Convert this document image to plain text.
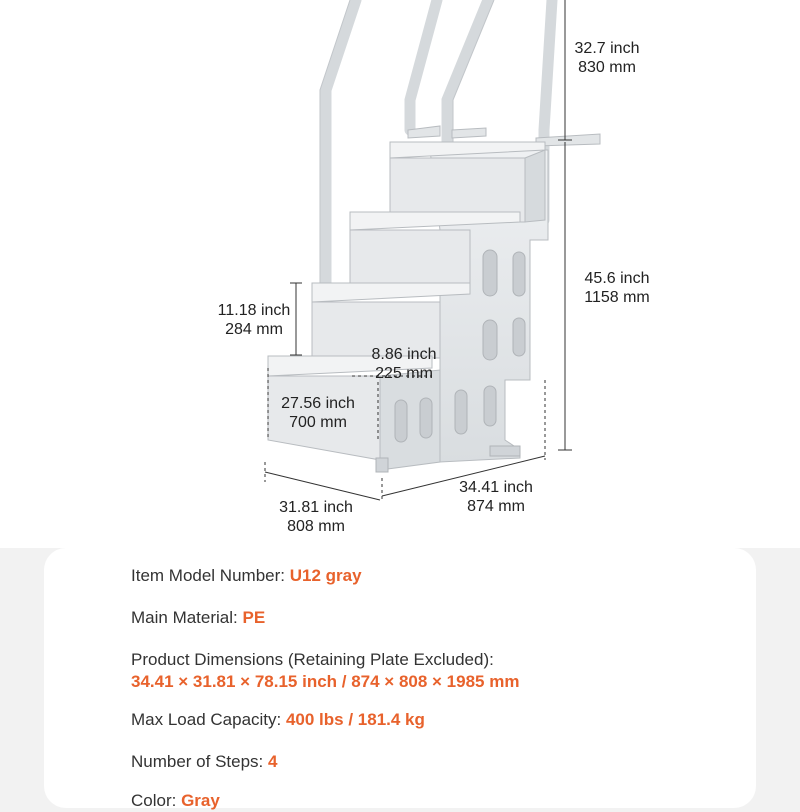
32.7 inch
830 mm
45.6 inch
1158 mm
11.18 inch
284 mm
8.86 inch
225 mm
27.56 inch
700 mm
31.81 inch
808 mm
34.41 inch
874 mm
Item Model Number: U12 gray
Main Material: PE
Product Dimensions (Retaining Plate Excluded):
34.41 × 31.81 × 78.15 inch / 874 × 808 × 1985 mm
Max Load Capacity: 400 lbs / 181.4 kg
Number of Steps: 4
Color: Gray
